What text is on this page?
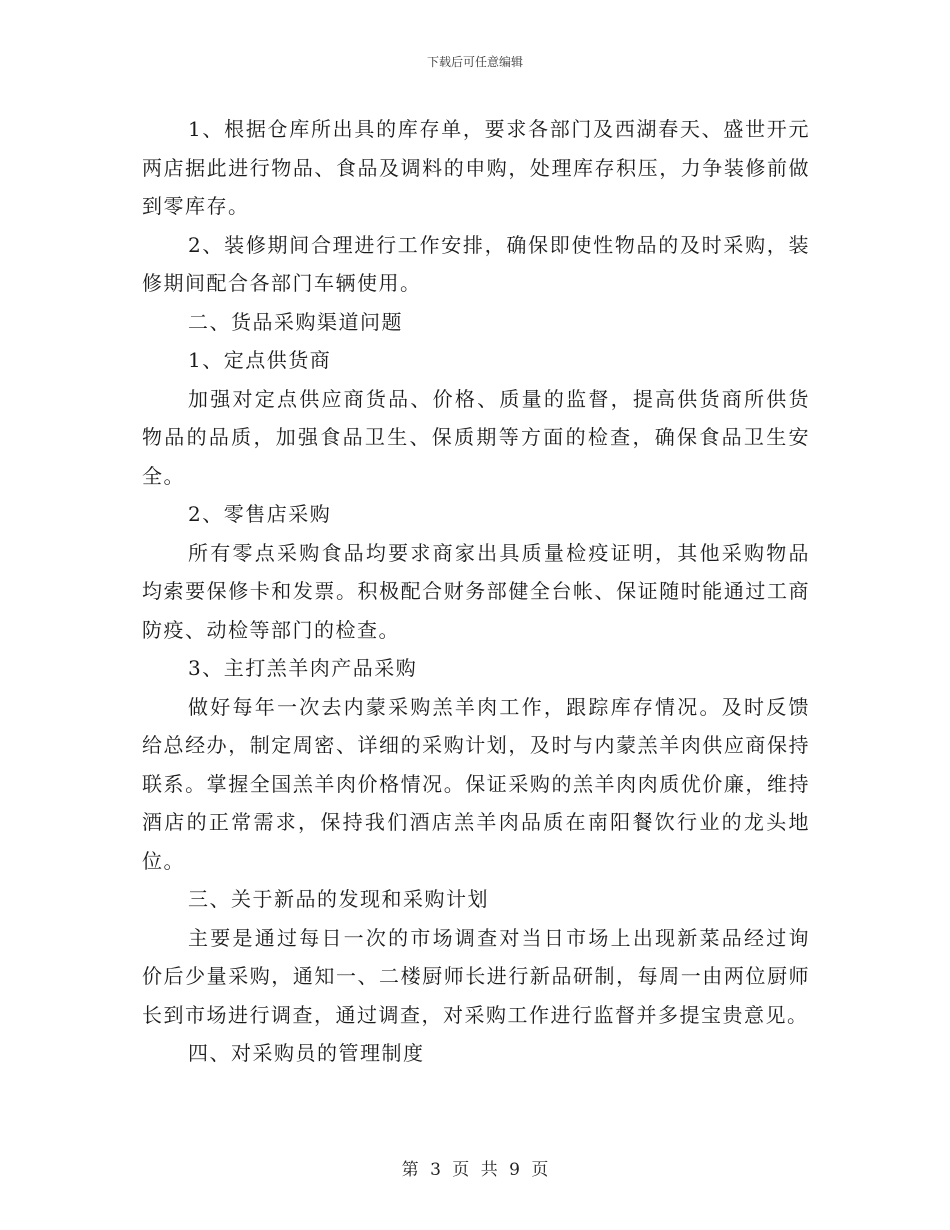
下载后可任意编辑

1、根据仓库所出具的库存单，要求各部门及西湖春天、盛世开元两店据此进行物品、食品及调料的申购，处理库存积压，力争装修前做到零库存。

2、装修期间合理进行工作安排，确保即使性物品的及时采购，装修期间配合各部门车辆使用。

二、货品采购渠道问题

1、定点供货商

加强对定点供应商货品、价格、质量的监督，提高供货商所供货物品的品质，加强食品卫生、保质期等方面的检查，确保食品卫生安全。

2、零售店采购

所有零点采购食品均要求商家出具质量检疫证明，其他采购物品均索要保修卡和发票。积极配合财务部健全台帐、保证随时能通过工商防疫、动检等部门的检查。

3、主打羔羊肉产品采购

做好每年一次去内蒙采购羔羊肉工作，跟踪库存情况。及时反馈给总经办，制定周密、详细的采购计划，及时与内蒙羔羊肉供应商保持联系。掌握全国羔羊肉价格情况。保证采购的羔羊肉肉质优价廉，维持酒店的正常需求，保持我们酒店羔羊肉品质在南阳餐饮行业的龙头地位。

三、关于新品的发现和采购计划

主要是通过每日一次的市场调查对当日市场上出现新菜品经过询价后少量采购，通知一、二楼厨师长进行新品研制，每周一由两位厨师长到市场进行调查，通过调查，对采购工作进行监督并多提宝贵意见。

四、对采购员的管理制度

第 3 页 共 9 页
